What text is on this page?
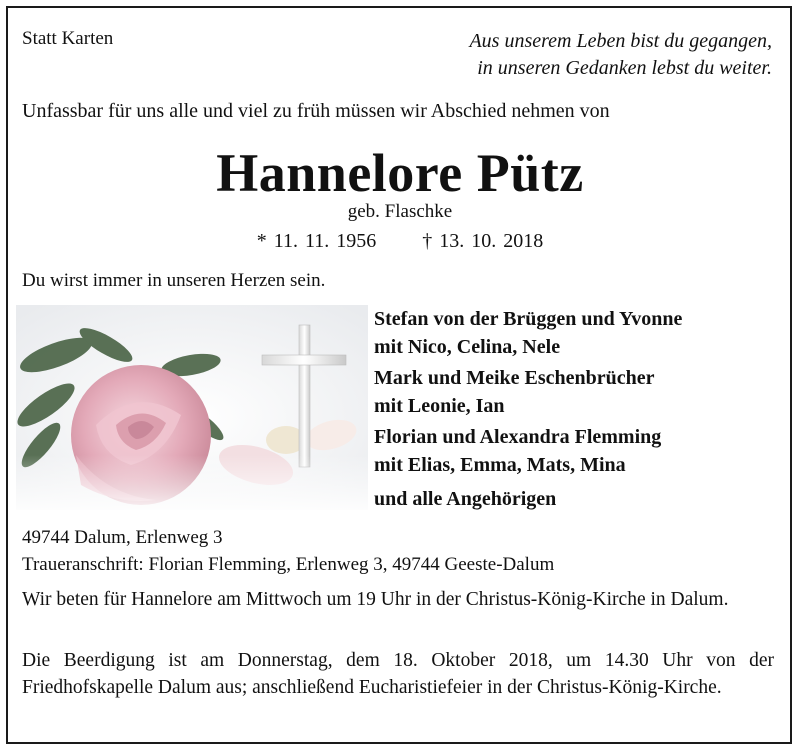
Statt Karten	Aus unserem Leben bist du gegangen,
in unseren Gedanken lebst du weiter.
Unfassbar für uns alle und viel zu früh müssen wir Abschied nehmen von
Hannelore Pütz
geb. Flaschke
* 11. 11. 1956 † 13. 10. 2018
Du wirst immer in unseren Herzen sein.
Stefan von der Brüggen und Yvonne
mit Nico, Celina, Nele
Mark und Meike Eschenbrücher
mit Leonie, Ian
Florian und Alexandra Flemming
mit Elias, Emma, Mats, Mina
und alle Angehörigen
49744 Dalum, Erlenweg 3
Traueranschrift: Florian Flemming, Erlenweg 3, 49744 Geeste-Dalum
Wir beten für Hannelore am Mittwoch um 19 Uhr in der Christus-König-Kirche in Dalum.
Die Beerdigung ist am Donnerstag, dem 18. Oktober 2018, um 14.30 Uhr von der Friedhofskapelle Dalum aus; anschließend Eucharistiefeier in der Christus-König-Kirche.
